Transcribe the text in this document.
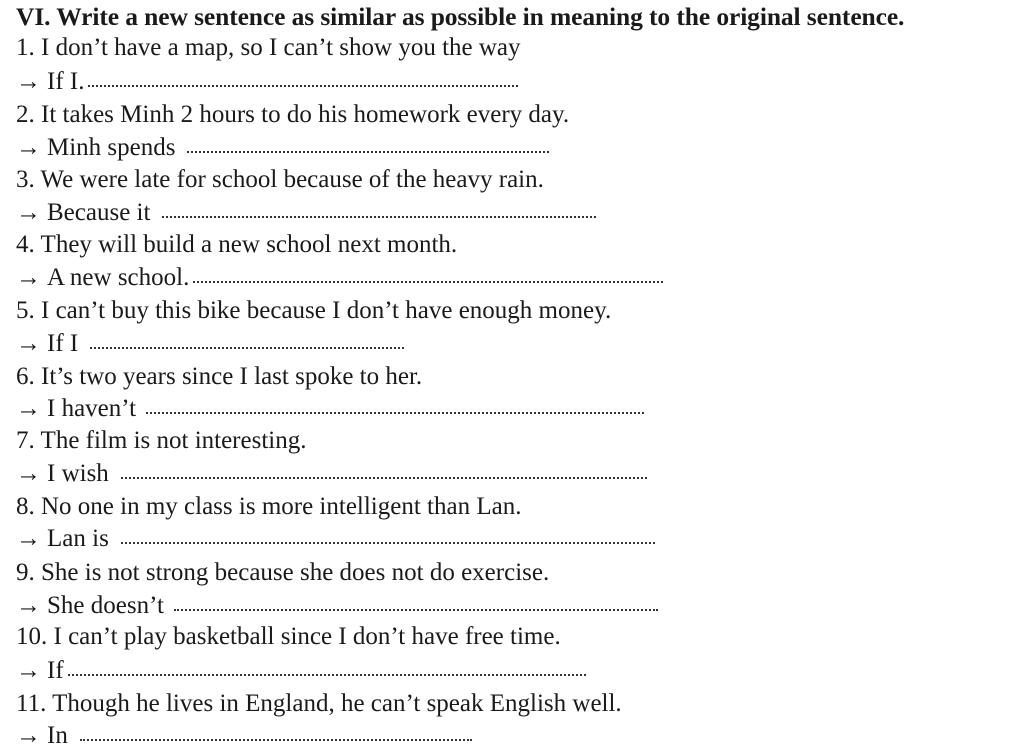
VI. Write a new sentence as similar as possible in meaning to the original sentence.
1. I don’t have a map, so I can’t show you the way
→ If I.
2. It takes Minh 2 hours to do his homework every day.
→ Minh spends
3. We were late for school because of the heavy rain.
→ Because it
4. They will build a new school next month.
→ A new school.
5. I can’t buy this bike because I don’t have enough money.
→ If I
6. It’s two years since I last spoke to her.
→ I haven’t
7. The film is not interesting.
→ I wish
8. No one in my class is more intelligent than Lan.
→ Lan is
9. She is not strong because she does not do exercise.
→ She doesn’t
10. I can’t play basketball since I don’t have free time.
→ If
11. Though he lives in England, he can’t speak English well.
→ In
